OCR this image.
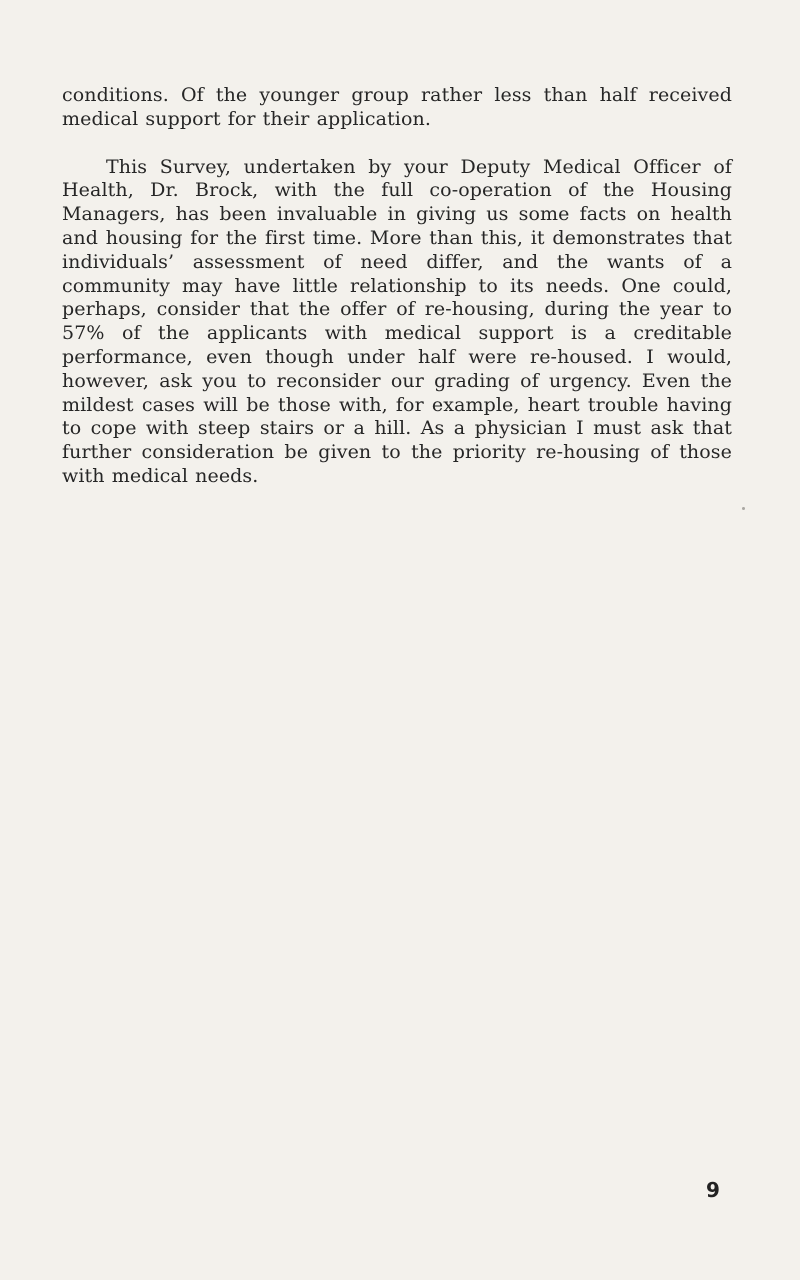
conditions. Of the younger group rather less than half received medical support for their application.

This Survey, undertaken by your Deputy Medical Officer of Health, Dr. Brock, with the full co-operation of the Housing Managers, has been invaluable in giving us some facts on health and housing for the first time. More than this, it demonstrates that individuals’ assessment of need differ, and the wants of a community may have little relationship to its needs. One could, perhaps, consider that the offer of re-housing, during the year to 57% of the applicants with medical support is a creditable performance, even though under half were re-housed. I would, however, ask you to reconsider our grading of urgency. Even the mildest cases will be those with, for example, heart trouble having to cope with steep stairs or a hill. As a physician I must ask that further consideration be given to the priority re-housing of those with medical needs.

9
